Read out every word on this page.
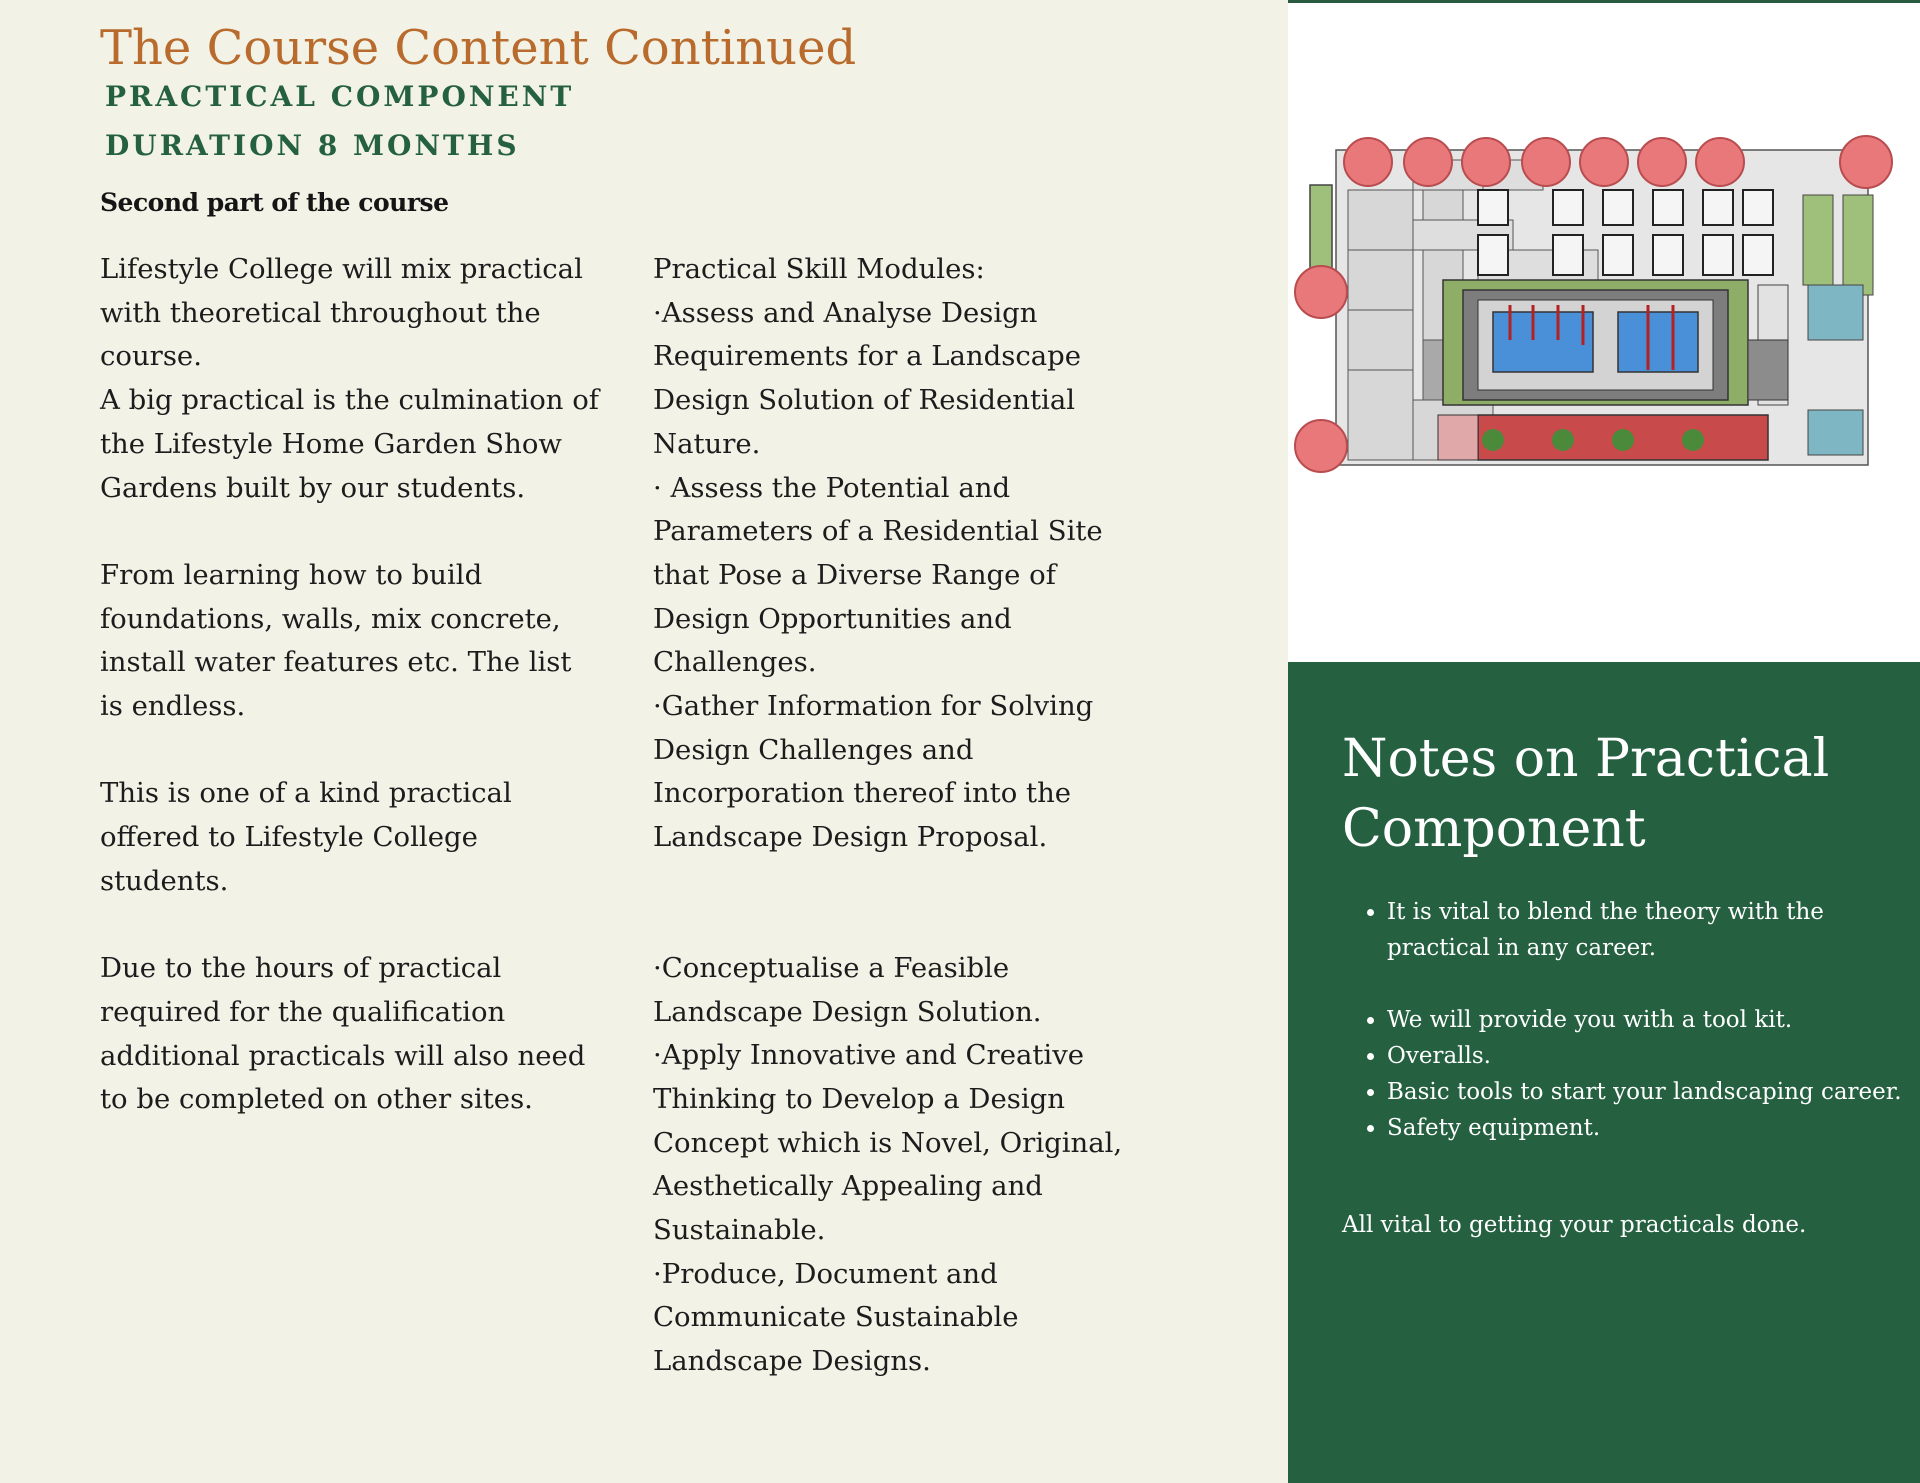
The Course Content Continued
PRACTICAL COMPONENT
DURATION 8 MONTHS
Second part of the course

Lifestyle College will mix practical with theoretical throughout the course.

A big practical is the culmination of the Lifestyle Home Garden Show Gardens built by our students.

From learning how to build foundations, walls, mix concrete, install water features etc. The list is endless.

This is one of a kind practical offered to Lifestyle College students.

Due to the hours of practical required for the qualification additional practicals will also need to be completed on other sites.

Practical Skill Modules:

·Assess and Analyse Design Requirements for a Landscape Design Solution of Residential Nature.

· Assess the Potential and Parameters of a Residential Site that Pose a Diverse Range of Design Opportunities and Challenges.

·Gather Information for Solving Design Challenges and Incorporation thereof into the Landscape Design Proposal.

·Conceptualise a Feasible Landscape Design Solution.

·Apply Innovative and Creative Thinking to Develop a Design Concept which is Novel, Original, Aesthetically Appealing and Sustainable.

·Produce, Document and Communicate Sustainable Landscape Designs.

Notes on Practical Component
• It is vital to blend the theory with the practical in any career.
• We will provide you with a tool kit.
• Overalls.
• Basic tools to start your landscaping career.
• Safety equipment.

All vital to getting your practicals done.
